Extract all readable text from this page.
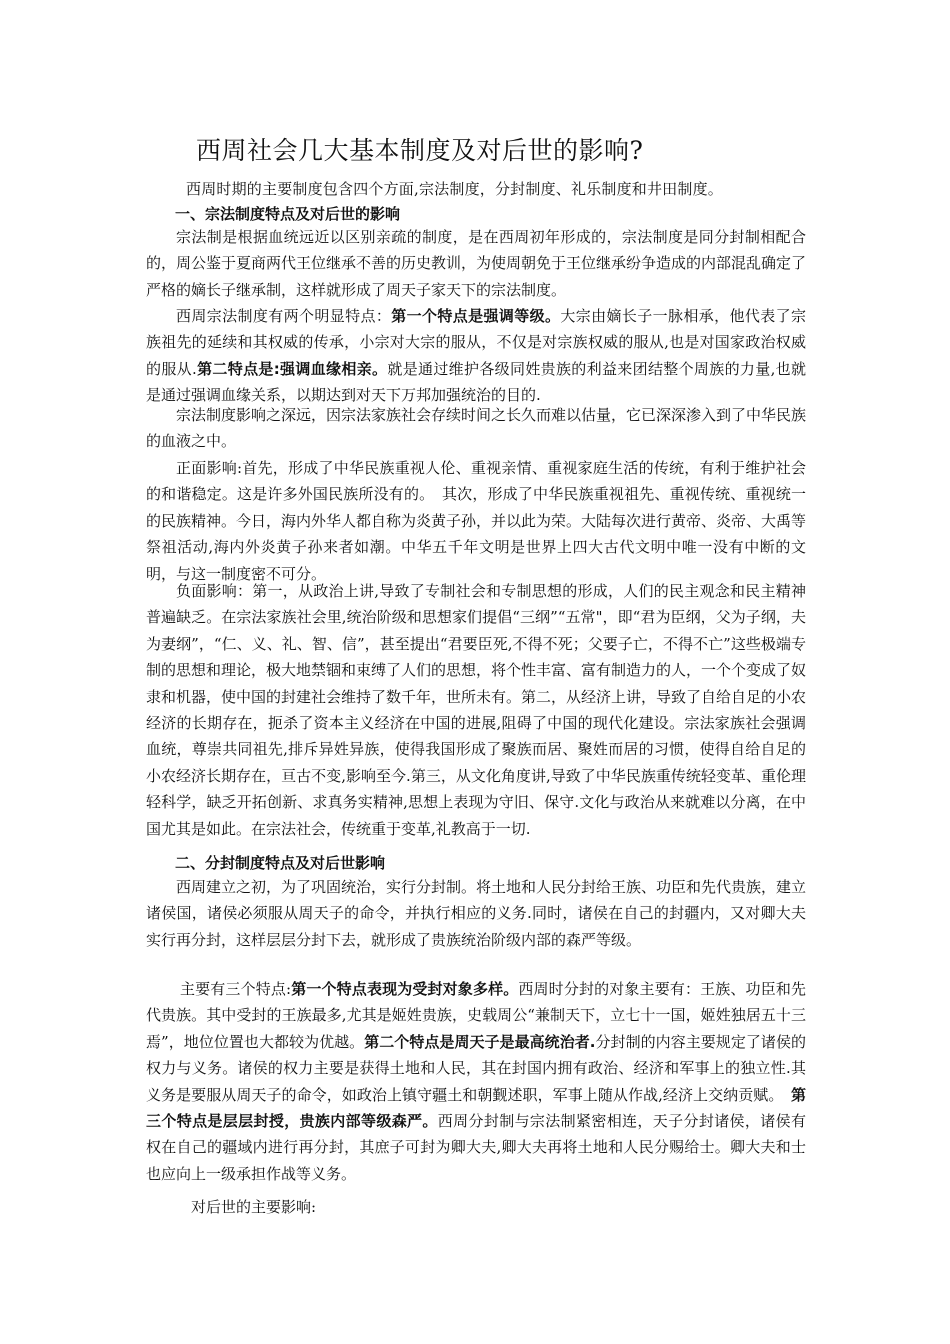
西周社会几大基本制度及对后世的影响?
西周时期的主要制度包含四个方面,宗法制度，分封制度、礼乐制度和井田制度。
一、宗法制度特点及对后世的影响

宗法制是根据血统远近以区别亲疏的制度，是在西周初年形成的，宗法制度是同分封制相配合的，周公鉴于夏商两代王位继承不善的历史教训，为使周朝免于王位继承纷争造成的内部混乱确定了严格的嫡长子继承制，这样就形成了周天子家天下的宗法制度。

西周宗法制度有两个明显特点：第一个特点是强调等级。大宗由嫡长子一脉相承，他代表了宗族祖先的延续和其权威的传承，小宗对大宗的服从，不仅是对宗族权威的服从,也是对国家政治权威的服从.第二特点是:强调血缘相亲。就是通过维护各级同姓贵族的利益来团结整个周族的力量,也就是通过强调血缘关系，以期达到对天下万邦加强统治的目的.

宗法制度影响之深远，因宗法家族社会存续时间之长久而难以估量，它已深深渗入到了中华民族的血液之中。

正面影响:首先，形成了中华民族重视人伦、重视亲情、重视家庭生活的传统，有利于维护社会的和谐稳定。这是许多外国民族所没有的。　其次，形成了中华民族重视祖先、重视传统、重视统一的民族精神。今日，海内外华人都自称为炎黄子孙，并以此为荣。大陆每次进行黄帝、炎帝、大禹等祭祖活动,海内外炎黄子孙来者如潮。中华五千年文明是世界上四大古代文明中唯一没有中断的文明，与这一制度密不可分。

负面影响：第一，从政治上讲,导致了专制社会和专制思想的形成，人们的民主观念和民主精神普遍缺乏。在宗法家族社会里,统治阶级和思想家们提倡“三纲”“五常"，即“君为臣纲，父为子纲，夫为妻纲”，“仁、义、礼、智、信”，甚至提出“君要臣死,不得不死；父要子亡，不得不亡”这些极端专制的思想和理论，极大地禁锢和束缚了人们的思想，将个性丰富、富有制造力的人，一个个变成了奴隶和机器，使中国的封建社会维持了数千年，世所未有。第二，从经济上讲，导致了自给自足的小农经济的长期存在，扼杀了资本主义经济在中国的进展,阻碍了中国的现代化建设。宗法家族社会强调血统，尊崇共同祖先,排斥异姓异族，使得我国形成了聚族而居、聚姓而居的习惯，使得自给自足的小农经济长期存在，亘古不变,影响至今.第三，从文化角度讲,导致了中华民族重传统轻变革、重伦理轻科学，缺乏开拓创新、求真务实精神,思想上表现为守旧、保守.文化与政治从来就难以分离，在中国尤其是如此。在宗法社会，传统重于变革,礼教高于一切.

二、分封制度特点及对后世影响

西周建立之初，为了巩固统治，实行分封制。将土地和人民分封给王族、功臣和先代贵族，建立诸侯国，诸侯必须服从周天子的命令，并执行相应的义务.同时，诸侯在自己的封疆内，又对卿大夫实行再分封，这样层层分封下去，就形成了贵族统治阶级内部的森严等级。

主要有三个特点:第一个特点表现为受封对象多样。西周时分封的对象主要有：王族、功臣和先代贵族。其中受封的王族最多,尤其是姬姓贵族，史载周公“兼制天下，立七十一国，姬姓独居五十三焉”，地位位置也大都较为优越。第二个特点是周天子是最高统治者.分封制的内容主要规定了诸侯的权力与义务。诸侯的权力主要是获得土地和人民，其在封国内拥有政治、经济和军事上的独立性.其义务是要服从周天子的命令，如政治上镇守疆土和朝觐述职，军事上随从作战,经济上交纳贡赋。　第三个特点是层层封授，贵族内部等级森严。西周分封制与宗法制紧密相连，天子分封诸侯，诸侯有权在自己的疆域内进行再分封，其庶子可封为卿大夫,卿大夫再将土地和人民分赐给士。卿大夫和士也应向上一级承担作战等义务。

对后世的主要影响:
